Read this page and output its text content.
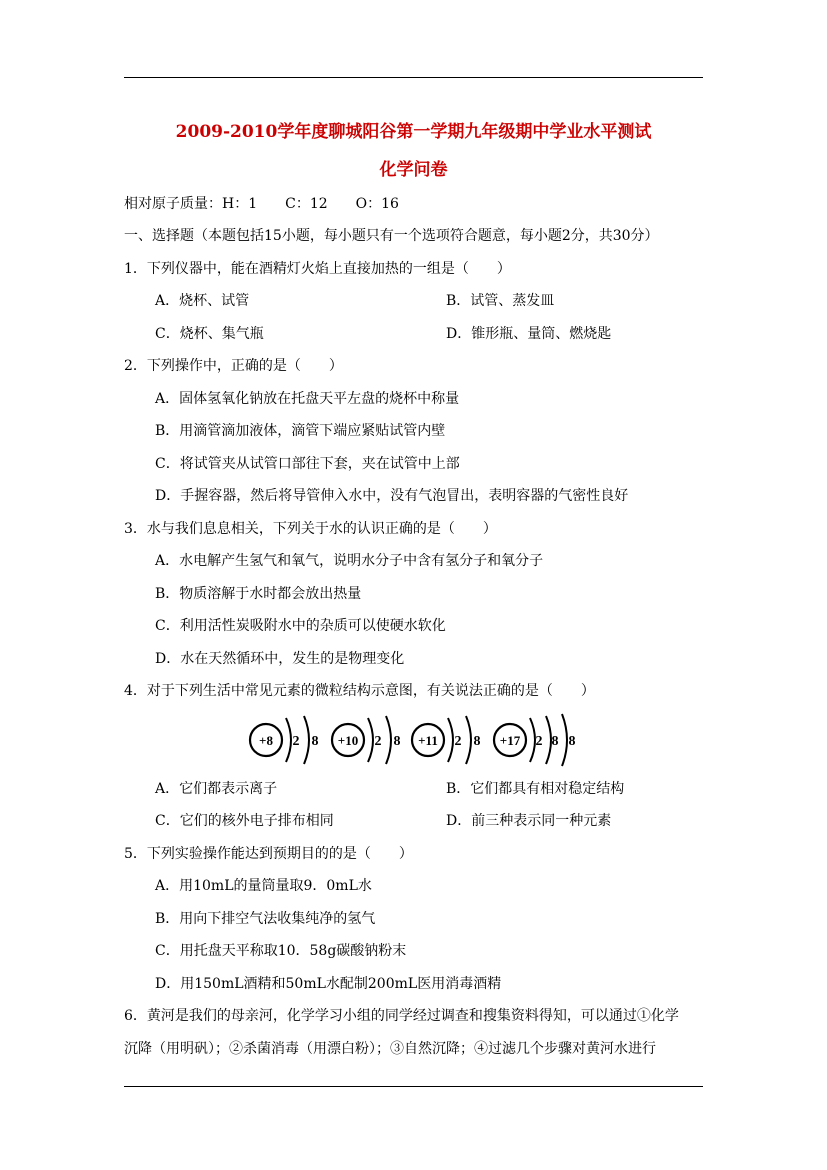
2009-2010学年度聊城阳谷第一学期九年级期中学业水平测试
化学问卷
相对原子质量：H：1　　C：12　　O：16
一、选择题（本题包括15小题，每小题只有一个选项符合题意，每小题2分，共30分）
1．下列仪器中，能在酒精灯火焰上直接加热的一组是（　　）
A．烧杯、试管	B．试管、蒸发皿
C．烧杯、集气瓶	D．锥形瓶、量筒、燃烧匙
2．下列操作中，正确的是（　　）
A．固体氢氧化钠放在托盘天平左盘的烧杯中称量
B．用滴管滴加液体，滴管下端应紧贴试管内壁
C．将试管夹从试管口部往下套，夹在试管中上部
D．手握容器，然后将导管伸入水中，没有气泡冒出，表明容器的气密性良好
3．水与我们息息相关，下列关于水的认识正确的是（　　）
A．水电解产生氢气和氧气，说明水分子中含有氢分子和氧分子
B．物质溶解于水时都会放出热量
C．利用活性炭吸附水中的杂质可以使硬水软化
D．水在天然循环中，发生的是物理变化
4．对于下列生活中常见元素的微粒结构示意图，有关说法正确的是（　　）
+8 2 8 +10 2 8 +11 2 8 +17 2 8 8
A．它们都表示离子	B．它们都具有相对稳定结构
C．它们的核外电子排布相同	D．前三种表示同一种元素
5．下列实验操作能达到预期目的的是（　　）
A．用10mL的量筒量取9．0mL水
B．用向下排空气法收集纯净的氢气
C．用托盘天平称取10．58g碳酸钠粉末
D．用150mL酒精和50mL水配制200mL医用消毒酒精
6．黄河是我们的母亲河，化学学习小组的同学经过调查和搜集资料得知，可以通过①化学
沉降（用明矾）；②杀菌消毒（用漂白粉）；③自然沉降；④过滤几个步骤对黄河水进行
